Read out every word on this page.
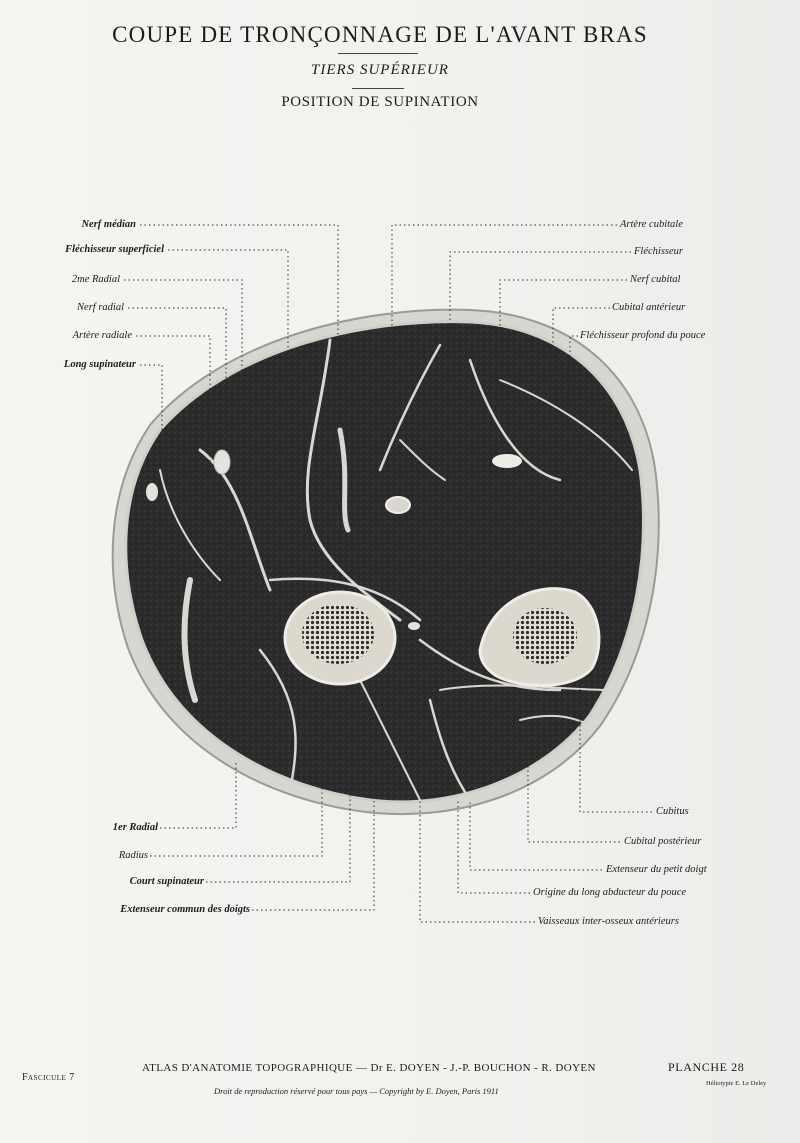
COUPE DE TRONÇONNAGE DE L'AVANT BRAS
TIERS SUPÉRIEUR
POSITION DE SUPINATION
Nerf médian
Fléchisseur superficiel
2me Radial
Nerf radial
Artère radiale
Long supinateur
Artère cubitale
Fléchisseur
Nerf cubital
Cubital antérieur
Fléchisseur profond du pouce
1er Radial
Radius
Court supinateur
Extenseur commun des doigts
Cubitus
Cubital postérieur
Extenseur du petit doigt
Origine du long abducteur du pouce
Vaisseaux inter-osseux antérieurs
Fascicule 7
ATLAS D'ANATOMIE TOPOGRAPHIQUE — Dr E. DOYEN - J.-P. BOUCHON - R. DOYEN
Droit de reproduction réservé pour tous pays — Copyright by E. Doyen, Paris 1911
PLANCHE 28
Héliotypie E. Le Deley
